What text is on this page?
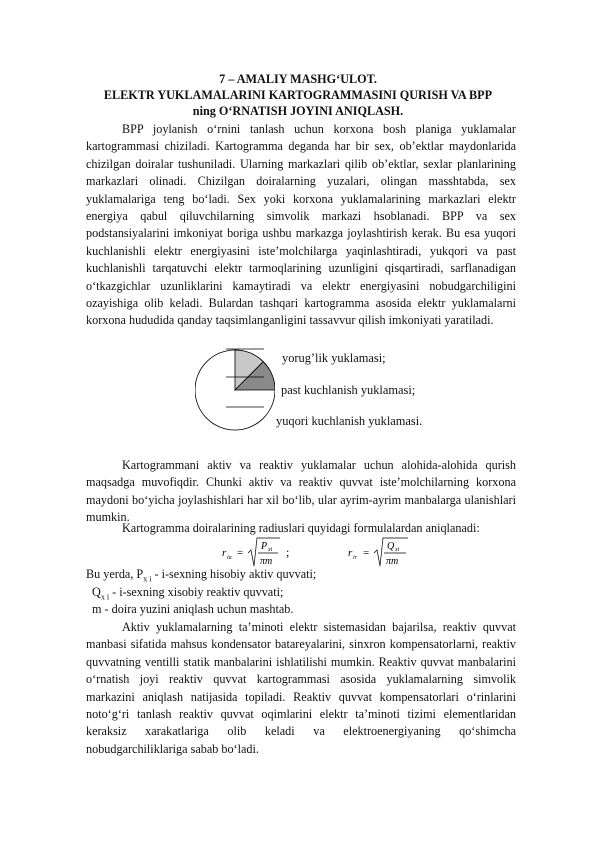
7 – AMALIY MASHG‘ULOT.
ELEKTR YUKLAMALARINI KARTOGRAMMASINI QURISH VA BPP
ning O‘RNATISH JOYINI ANIQLASH.
BPP joylanish o‘rnini tanlash uchun korxona bosh planiga yuklamalar kartogrammasi chiziladi. Kartogramma deganda har bir sex, ob’ektlar maydonlarida chizilgan doiralar tushuniladi. Ularning markazlari qilib ob’ektlar, sexlar planlarining markazlari olinadi. Chizilgan doiralarning yuzalari, olingan masshtabda, sex yuklamalariga teng bo‘ladi. Sex yoki korxona yuklamalarining markazlari elektr energiya qabul qiluvchilarning simvolik markazi hsoblanadi. BPP va sex podstansiyalarini imkoniyat boriga ushbu markazga joylashtirish kerak. Bu esa yuqori kuchlanishli elektr energiyasini iste’molchilarga yaqinlashtiradi, yukqori va past kuchlanishli tarqatuvchi elektr tarmoqlarining uzunligini qisqartiradi, sarflanadigan o‘tkazgichlar uzunliklarini kamaytiradi va elektr energiyasini nobudgarchiligini ozayishiga olib keladi. Bulardan tashqari kartogramma asosida elektr yuklamalarni korxona hududida qanday taqsimlanganligini tassavvur qilish imkoniyati yaratiladi.
yorug’lik yuklamasi;
past kuchlanish yuklamasi;
yuqori kuchlanish yuklamasi.
Kartogrammani aktiv va reaktiv yuklamalar uchun alohida-alohida qurish maqsadga muvofiqdir. Chunki aktiv va reaktiv quvvat iste’molchilarning korxona maydoni bo‘yicha joylashishlari har xil bo‘lib, ular ayrim-ayrim manbalarga ulanishlari mumkin.
Kartogramma doiralarining radiuslari quyidagi formulalardan aniqlanadi:
r ia =
P xi
πm
;	r ir =
Q xi
πm
Bu yerda, $P_{x i}$ - i-sexning hisobiy aktiv quvvati;
$Q_{x i}$ - i-sexning xisobiy reaktiv quvvati;
m - doira yuzini aniqlash uchun mashtab.
Aktiv yuklamalarning ta’minoti elektr sistemasidan bajarilsa, reaktiv quvvat manbasi sifatida mahsus kondensator batareyalarini, sinxron kompensatorlarni, reaktiv quvvatning ventilli statik manbalarini ishlatilishi mumkin. Reaktiv quvvat manbalarini o‘rnatish joyi reaktiv quvvat kartogrammasi asosida yuklamalarning simvolik markazini aniqlash natijasida topiladi. Reaktiv quvvat kompensatorlari o‘rinlarini noto‘g‘ri tanlash reaktiv quvvat oqimlarini elektr ta’minoti tizimi elementlaridan keraksiz xarakatlariga olib keladi va elektroenergiyaning qo‘shimcha nobudgarchiliklariga sabab bo‘ladi.
